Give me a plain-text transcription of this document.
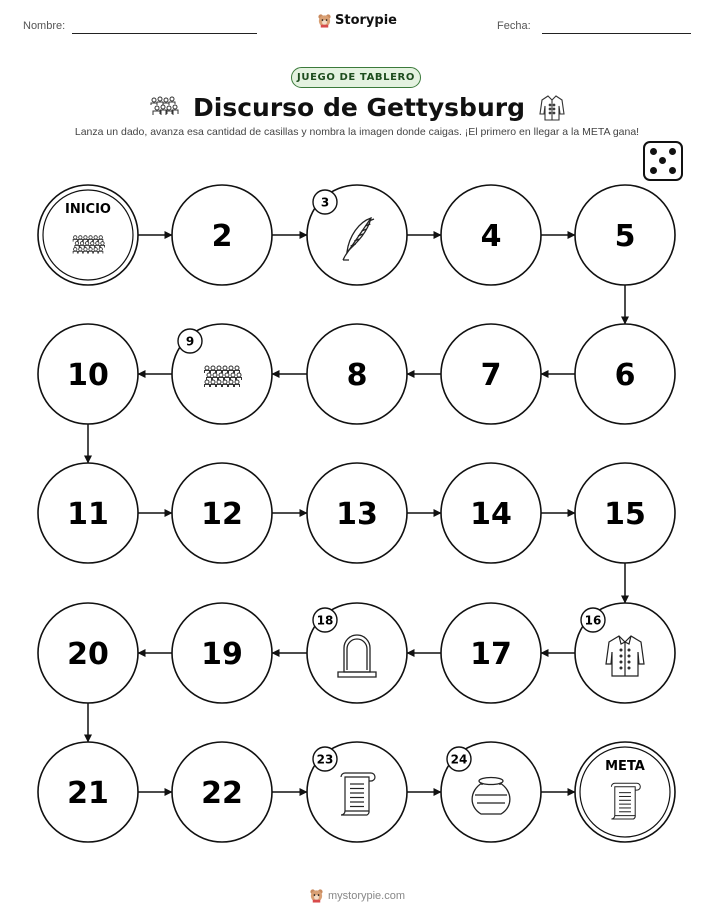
Nombre:	Storypie	Fecha:
JUEGO DE TABLERO
Discurso de Gettysburg
Lanza un dado, avanza esa cantidad de casillas y nombra la imagen donde caigas. ¡El primero en llegar a la META gana!
INICIO
2
3
4	5
6
7
8
9
10
11	12	13	14	15
16
17
18
19
20
21	22
23	24	META
mystorypie.com
